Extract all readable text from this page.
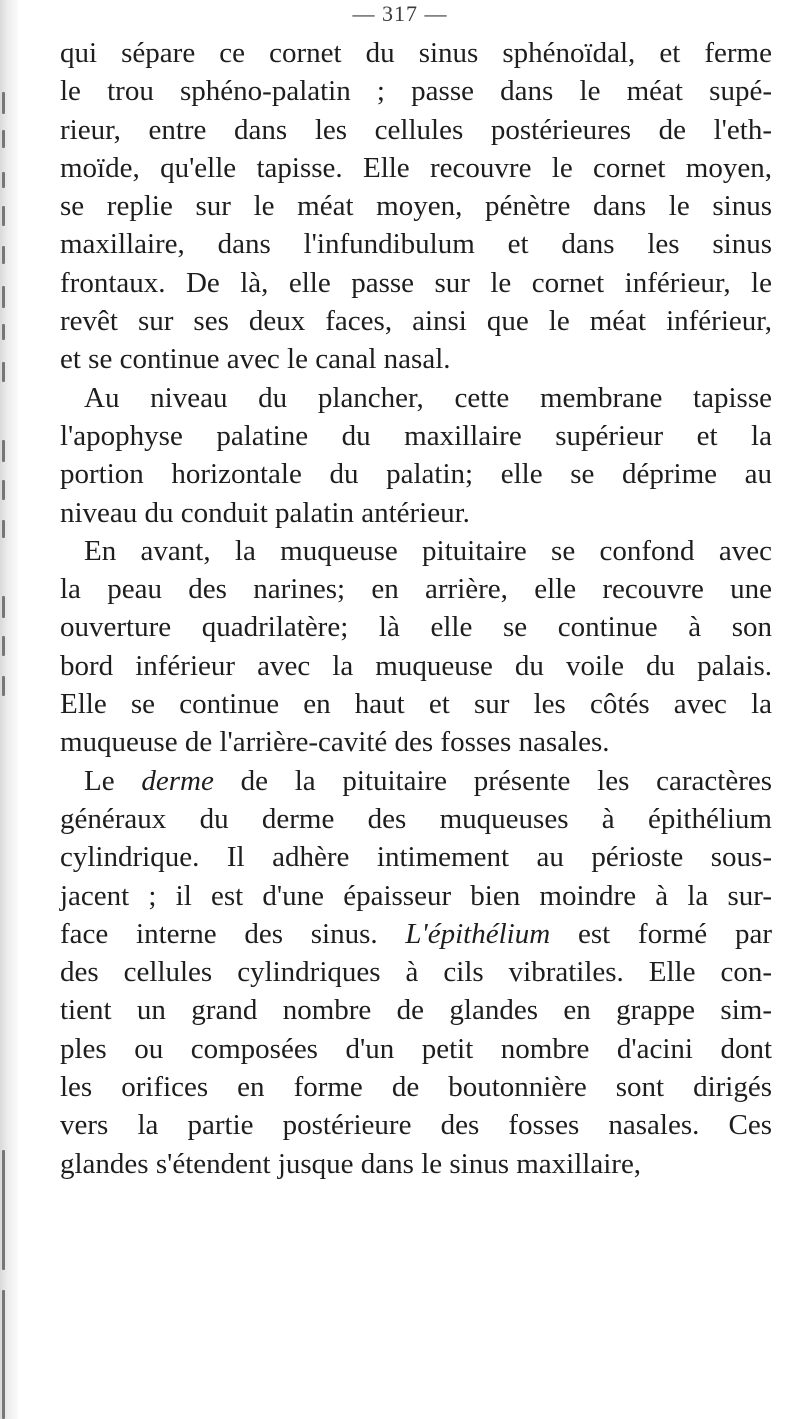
— 317 —
qui sépare ce cornet du sinus sphénoïdal, et ferme
le trou sphéno-palatin ; passe dans le méat supé-
rieur, entre dans les cellules postérieures de l'eth-
moïde, qu'elle tapisse. Elle recouvre le cornet moyen,
se replie sur le méat moyen, pénètre dans le sinus
maxillaire, dans l'infundibulum et dans les sinus
frontaux. De là, elle passe sur le cornet inférieur, le
revêt sur ses deux faces, ainsi que le méat inférieur,
et se continue avec le canal nasal.
Au niveau du plancher, cette membrane tapisse
l'apophyse palatine du maxillaire supérieur et la
portion horizontale du palatin; elle se déprime au
niveau du conduit palatin antérieur.
En avant, la muqueuse pituitaire se confond avec
la peau des narines; en arrière, elle recouvre une
ouverture quadrilatère; là elle se continue à son
bord inférieur avec la muqueuse du voile du palais.
Elle se continue en haut et sur les côtés avec la
muqueuse de l'arrière-cavité des fosses nasales.
Le derme de la pituitaire présente les caractères
généraux du derme des muqueuses à épithélium
cylindrique. Il adhère intimement au périoste sous-
jacent ; il est d'une épaisseur bien moindre à la sur-
face interne des sinus. L'épithélium est formé par
des cellules cylindriques à cils vibratiles. Elle con-
tient un grand nombre de glandes en grappe sim-
ples ou composées d'un petit nombre d'acini dont
les orifices en forme de boutonnière sont dirigés
vers la partie postérieure des fosses nasales. Ces
glandes s'étendent jusque dans le sinus maxillaire,
